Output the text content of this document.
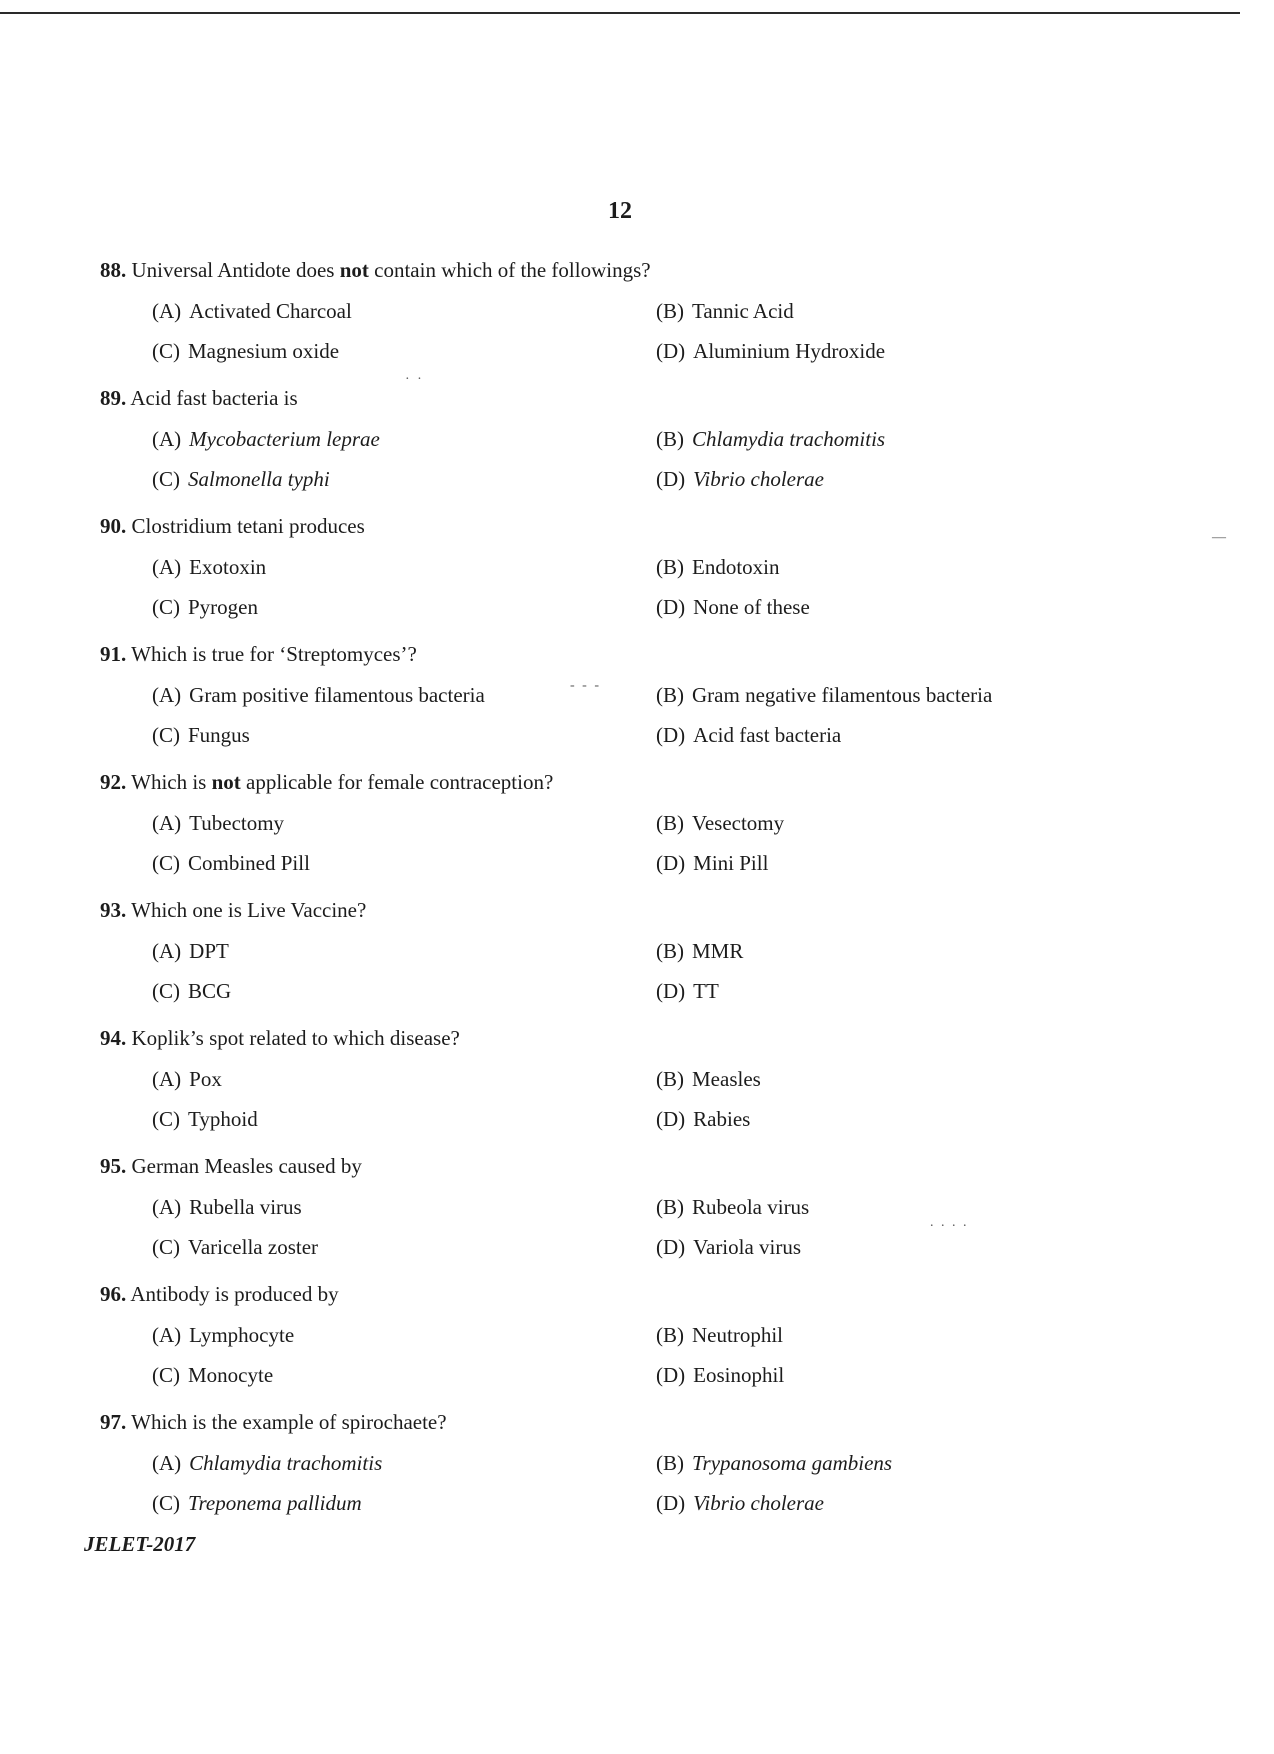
12
88. Universal Antidote does not contain which of the followings?
(A) Activated Charcoal	(B) Tannic Acid
(C) Magnesium oxide	(D) Aluminium Hydroxide
89. Acid fast bacteria is
(A) Mycobacterium leprae	(B) Chlamydia trachomitis
(C) Salmonella typhi	(D) Vibrio cholerae
90. Clostridium tetani produces
(A) Exotoxin	(B) Endotoxin
(C) Pyrogen	(D) None of these
91. Which is true for ‘Streptomyces’?
(A) Gram positive filamentous bacteria	(B) Gram negative filamentous bacteria
(C) Fungus	(D) Acid fast bacteria
92. Which is not applicable for female contraception?
(A) Tubectomy	(B) Vesectomy
(C) Combined Pill	(D) Mini Pill
93. Which one is Live Vaccine?
(A) DPT	(B) MMR
(C) BCG	(D) TT
94. Koplik’s spot related to which disease?
(A) Pox	(B) Measles
(C) Typhoid	(D) Rabies
95. German Measles caused by
(A) Rubella virus	(B) Rubeola virus
(C) Varicella zoster	(D) Variola virus
96. Antibody is produced by
(A) Lymphocyte	(B) Neutrophil
(C) Monocyte	(D) Eosinophil
97. Which is the example of spirochaete?
(A) Chlamydia trachomitis	(B) Trypanosoma gambiens
(C) Treponema pallidum	(D) Vibrio cholerae
JELET-2017
· ·
- - -
. . . .
—
